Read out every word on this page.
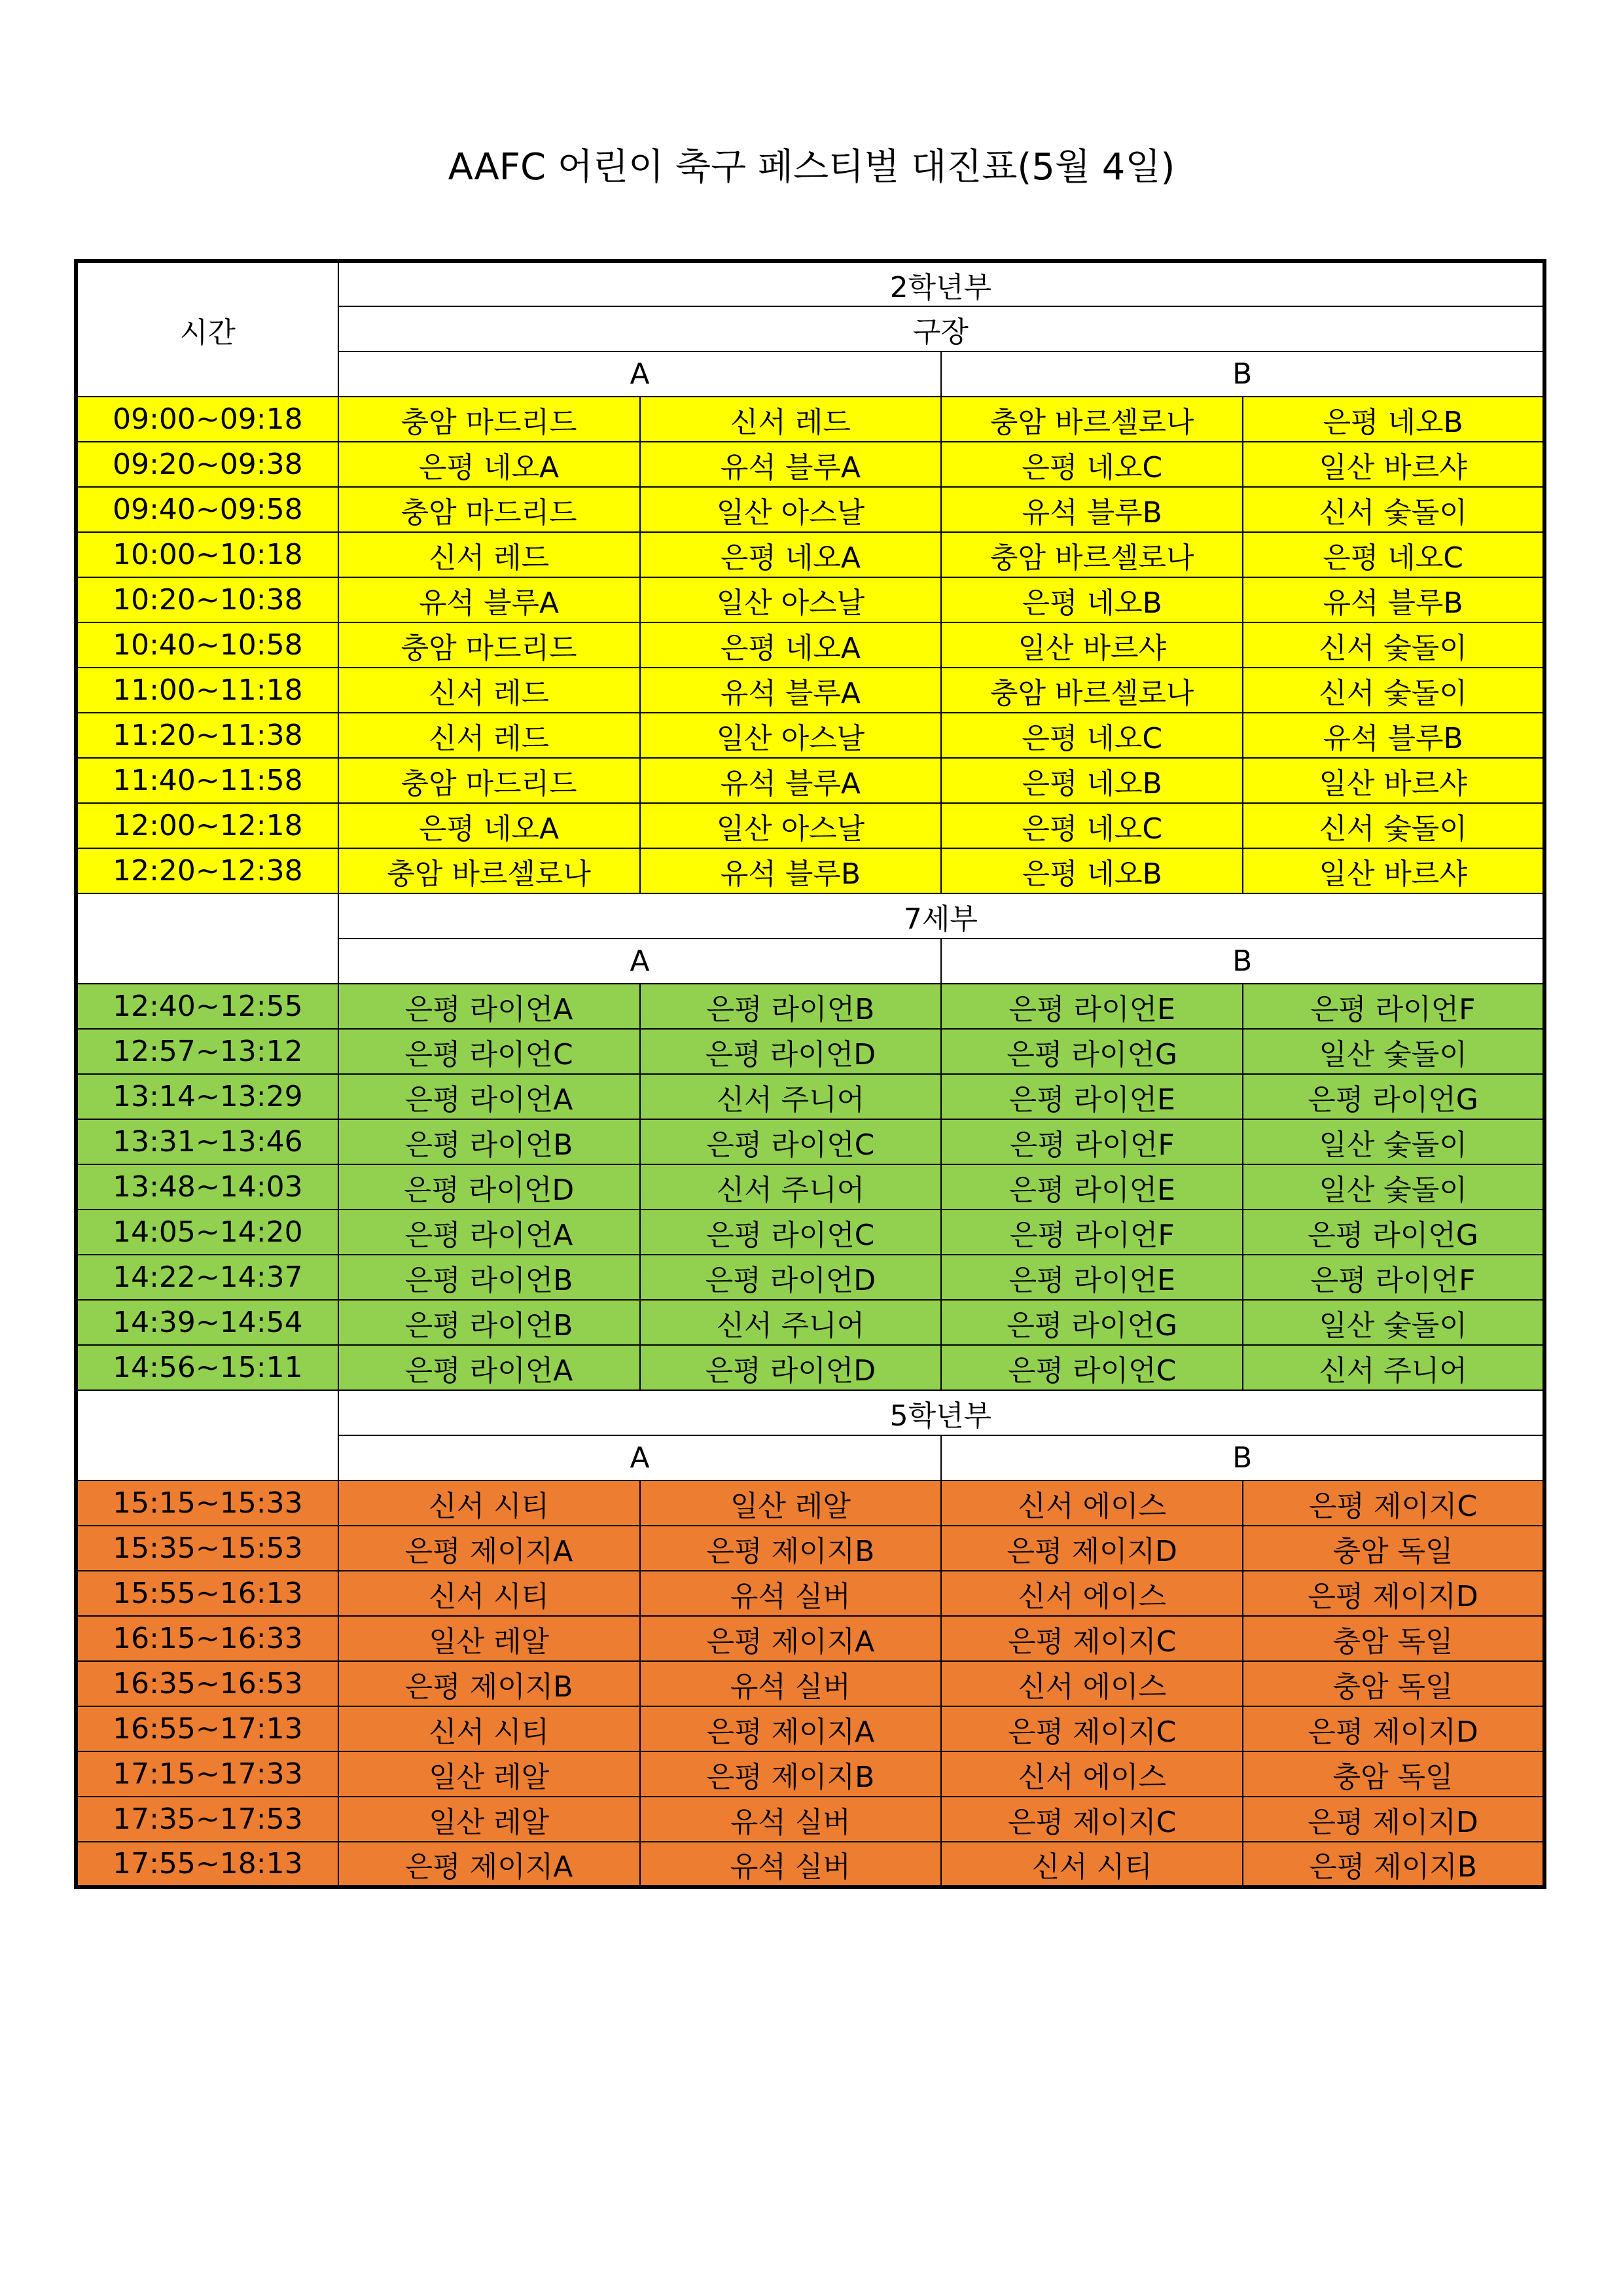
AAFC 어린이 축구 페스티벌 대진표(5월 4일)
시간	2학년부			
	구장			
	A		B	
09:00~09:18	충암 마드리드	신서 레드	충암 바르셀로나	은평 네오B
09:20~09:38	은평 네오A	유석 블루A	은평 네오C	일산 바르샤
09:40~09:58	충암 마드리드	일산 아스날	유석 블루B	신서 숯돌이
10:00~10:18	신서 레드	은평 네오A	충암 바르셀로나	은평 네오C
10:20~10:38	유석 블루A	일산 아스날	은평 네오B	유석 블루B
10:40~10:58	충암 마드리드	은평 네오A	일산 바르샤	신서 숯돌이
11:00~11:18	신서 레드	유석 블루A	충암 바르셀로나	신서 숯돌이
11:20~11:38	신서 레드	일산 아스날	은평 네오C	유석 블루B
11:40~11:58	충암 마드리드	유석 블루A	은평 네오B	일산 바르샤
12:00~12:18	은평 네오A	일산 아스날	은평 네오C	신서 숯돌이
12:20~12:38	충암 바르셀로나	유석 블루B	은평 네오B	일산 바르샤
	7세부			
	A		B	
12:40~12:55	은평 라이언A	은평 라이언B	은평 라이언E	은평 라이언F
12:57~13:12	은평 라이언C	은평 라이언D	은평 라이언G	일산 숯돌이
13:14~13:29	은평 라이언A	신서 주니어	은평 라이언E	은평 라이언G
13:31~13:46	은평 라이언B	은평 라이언C	은평 라이언F	일산 숯돌이
13:48~14:03	은평 라이언D	신서 주니어	은평 라이언E	일산 숯돌이
14:05~14:20	은평 라이언A	은평 라이언C	은평 라이언F	은평 라이언G
14:22~14:37	은평 라이언B	은평 라이언D	은평 라이언E	은평 라이언F
14:39~14:54	은평 라이언B	신서 주니어	은평 라이언G	일산 숯돌이
14:56~15:11	은평 라이언A	은평 라이언D	은평 라이언C	신서 주니어
	5학년부			
	A		B	
15:15~15:33	신서 시티	일산 레알	신서 에이스	은평 제이지C
15:35~15:53	은평 제이지A	은평 제이지B	은평 제이지D	충암 독일
15:55~16:13	신서 시티	유석 실버	신서 에이스	은평 제이지D
16:15~16:33	일산 레알	은평 제이지A	은평 제이지C	충암 독일
16:35~16:53	은평 제이지B	유석 실버	신서 에이스	충암 독일
16:55~17:13	신서 시티	은평 제이지A	은평 제이지C	은평 제이지D
17:15~17:33	일산 레알	은평 제이지B	신서 에이스	충암 독일
17:35~17:53	일산 레알	유석 실버	은평 제이지C	은평 제이지D
17:55~18:13	은평 제이지A	유석 실버	신서 시티	은평 제이지B
